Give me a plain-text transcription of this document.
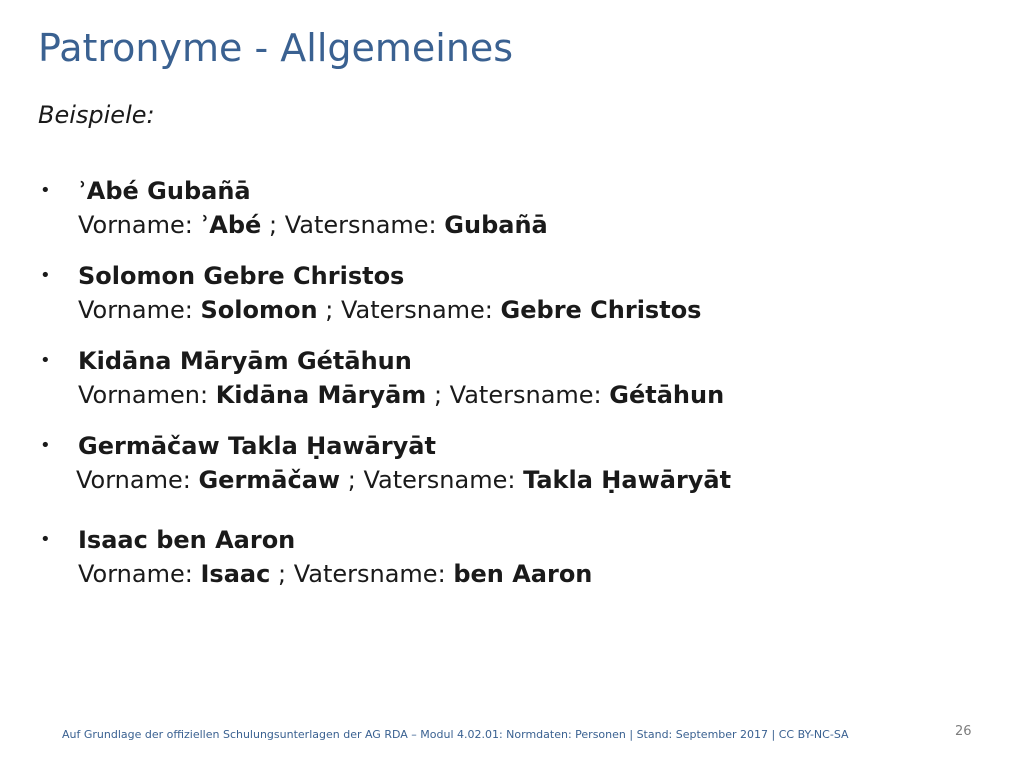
Patronyme - Allgemeines
Beispiele:
• ʾAbé Gubañā
Vorname: ʾAbé ; Vatersname: Gubañā
• Solomon Gebre Christos
Vorname: Solomon ; Vatersname: Gebre Christos
• Kidāna Māryām Gétāhun
Vornamen: Kidāna Māryām ; Vatersname: Gétāhun
• Germāčaw Takla Ḥawāryāt
Vorname: Germāčaw ; Vatersname: Takla Ḥawāryāt
• Isaac ben Aaron
Vorname: Isaac ; Vatersname: ben Aaron
Auf Grundlage der offiziellen Schulungsunterlagen der AG RDA – Modul 4.02.01: Normdaten: Personen | Stand: September 2017 | CC BY-NC-SA	26
